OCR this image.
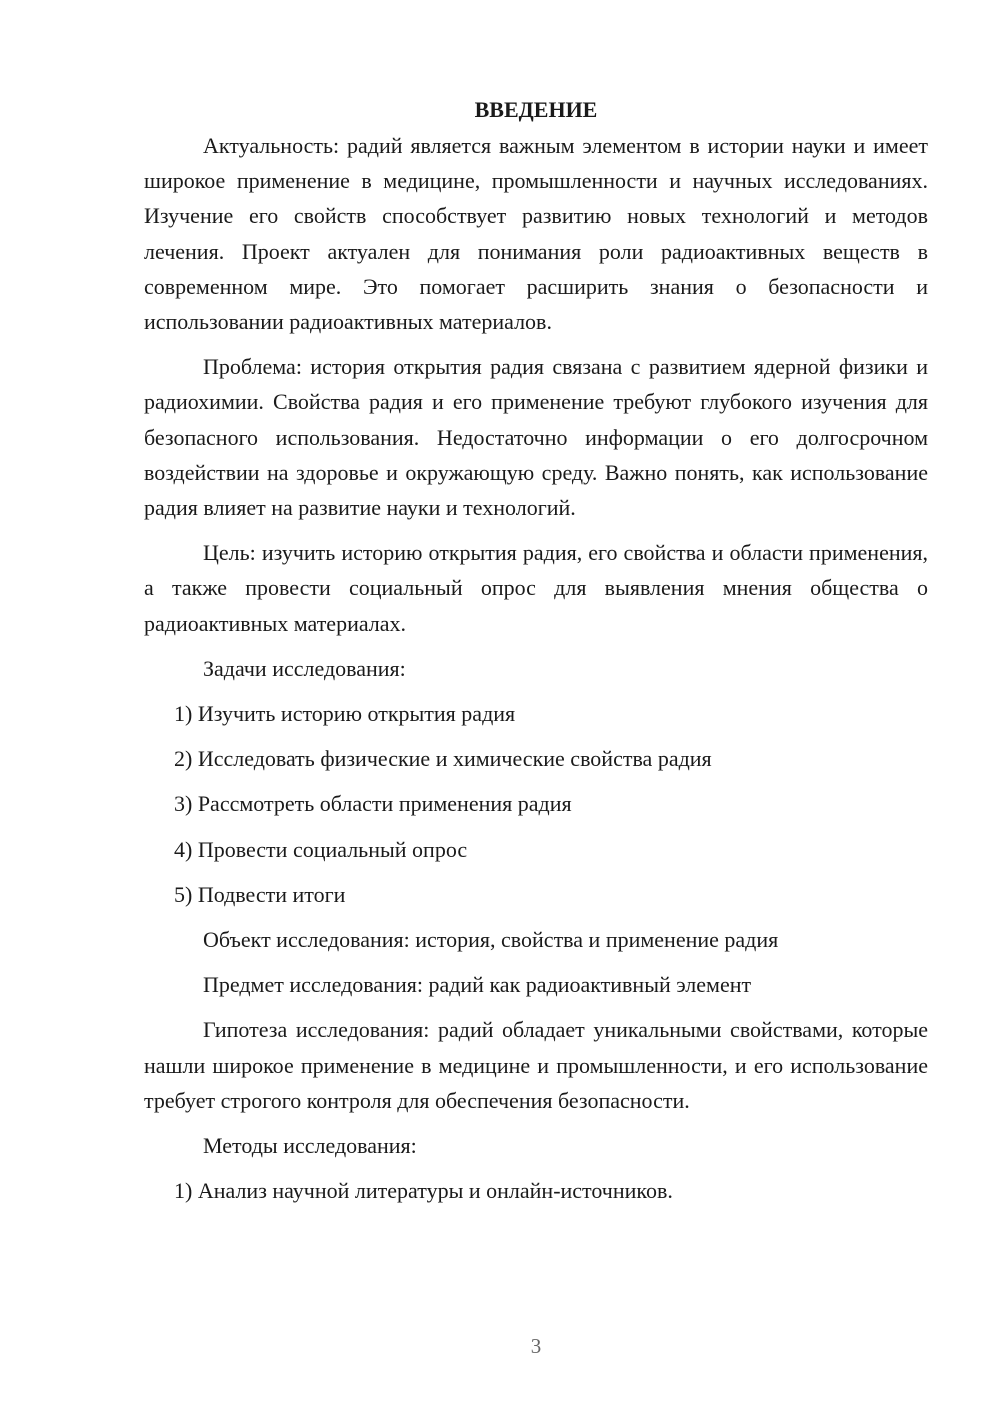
ВВЕДЕНИЕ

Актуальность: радий является важным элементом в истории науки и имеет широкое применение в медицине, промышленности и научных исследованиях. Изучение его свойств способствует развитию новых технологий и методов лечения. Проект актуален для понимания роли радиоактивных веществ в современном мире. Это помогает расширить знания о безопасности и использовании радиоактивных материалов.

Проблема: история открытия радия связана с развитием ядерной физики и радиохимии. Свойства радия и его применение требуют глубокого изучения для безопасного использования. Недостаточно информации о его долгосрочном воздействии на здоровье и окружающую среду. Важно понять, как использование радия влияет на развитие науки и технологий.

Цель: изучить историю открытия радия, его свойства и области применения, а также провести социальный опрос для выявления мнения общества о радиоактивных материалах.

Задачи исследования:
1) Изучить историю открытия радия
2) Исследовать физические и химические свойства радия
3) Рассмотреть области применения радия
4) Провести социальный опрос
5) Подвести итоги
Объект исследования: история, свойства и применение радия
Предмет исследования: радий как радиоактивный элемент

Гипотеза исследования: радий обладает уникальными свойствами, которые нашли широкое применение в медицине и промышленности, и его использование требует строгого контроля для обеспечения безопасности.

Методы исследования:
1) Анализ научной литературы и онлайн-источников.
3
